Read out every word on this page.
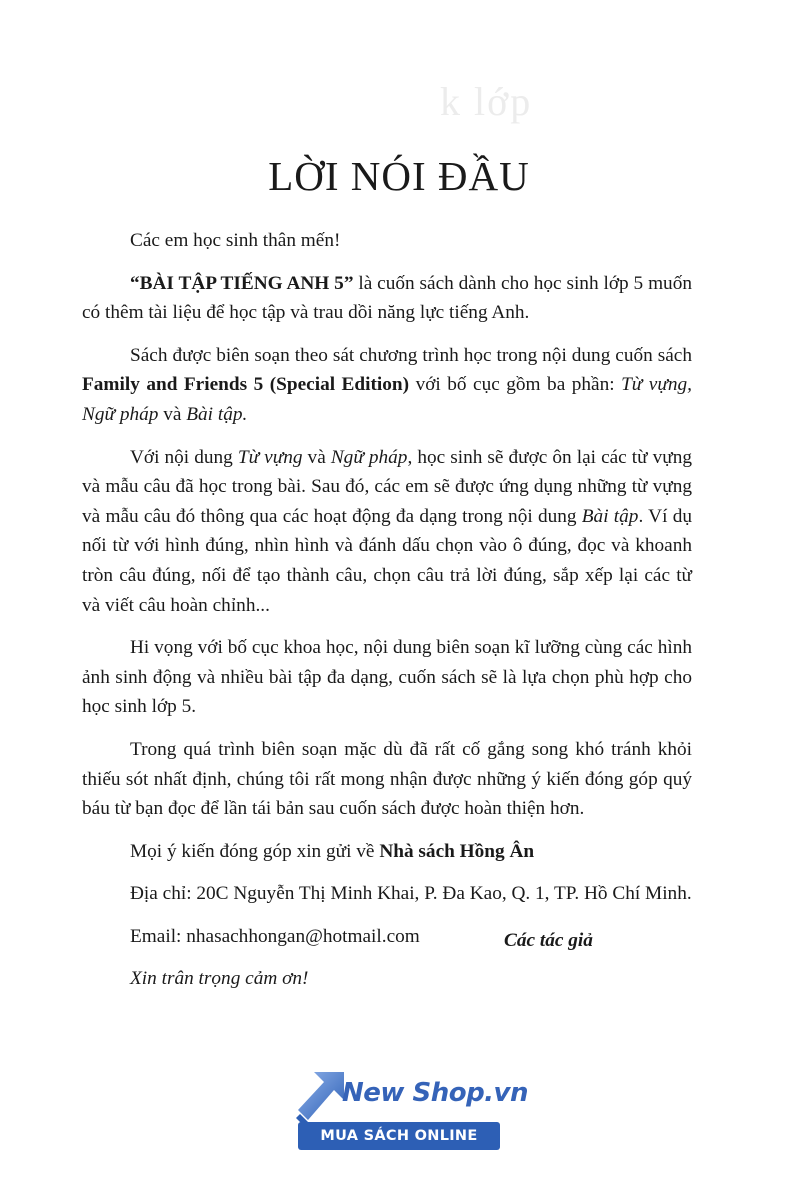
k lớp
LỜI NÓI ĐẦU

Các em học sinh thân mến!

“BÀI TẬP TIẾNG ANH 5” là cuốn sách dành cho học sinh lớp 5 muốn có thêm tài liệu để học tập và trau dồi năng lực tiếng Anh.

Sách được biên soạn theo sát chương trình học trong nội dung cuốn sách Family and Friends 5 (Special Edition) với bố cục gồm ba phần: Từ vựng, Ngữ pháp và Bài tập.

Với nội dung Từ vựng và Ngữ pháp, học sinh sẽ được ôn lại các từ vựng và mẫu câu đã học trong bài. Sau đó, các em sẽ được ứng dụng những từ vựng và mẫu câu đó thông qua các hoạt động đa dạng trong nội dung Bài tập. Ví dụ nối từ với hình đúng, nhìn hình và đánh dấu chọn vào ô đúng, đọc và khoanh tròn câu đúng, nối để tạo thành câu, chọn câu trả lời đúng, sắp xếp lại các từ và viết câu hoàn chỉnh...

Hi vọng với bố cục khoa học, nội dung biên soạn kĩ lưỡng cùng các hình ảnh sinh động và nhiều bài tập đa dạng, cuốn sách sẽ là lựa chọn phù hợp cho học sinh lớp 5.

Trong quá trình biên soạn mặc dù đã rất cố gắng song khó tránh khỏi thiếu sót nhất định, chúng tôi rất mong nhận được những ý kiến đóng góp quý báu từ bạn đọc để lần tái bản sau cuốn sách được hoàn thiện hơn.

Mọi ý kiến đóng góp xin gửi về Nhà sách Hồng Ân

Địa chỉ: 20C Nguyễn Thị Minh Khai, P. Đa Kao, Q. 1, TP. Hồ Chí Minh.

Email: nhasachhongan@hotmail.com

Xin trân trọng cảm ơn!

Các tác giả
New Shop.vn
MUA SÁCH ONLINE
